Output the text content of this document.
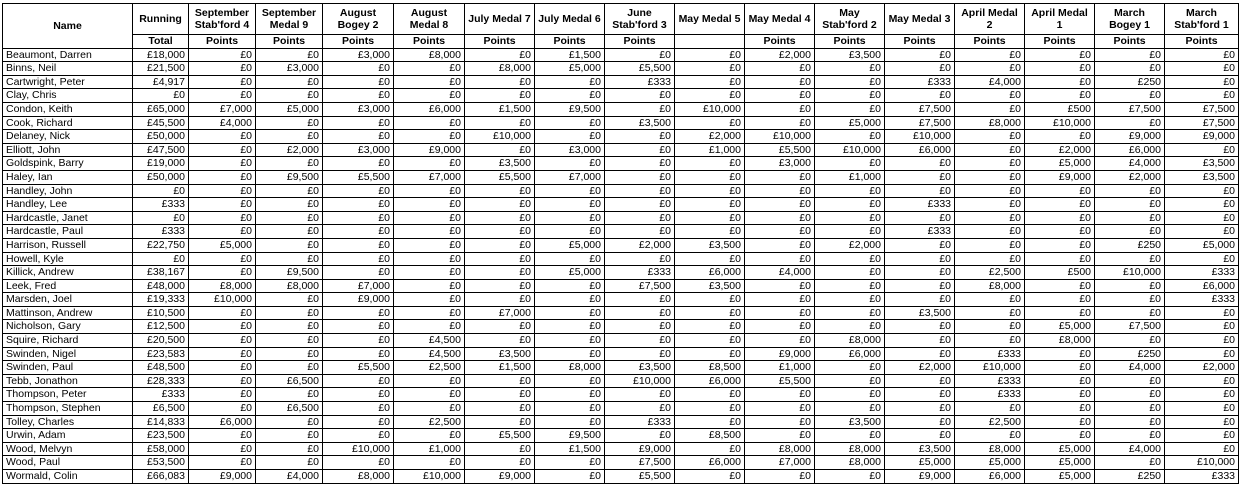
Name	Running	September Stab'ford 4	September Medal 9	August Bogey 2	August Medal 8	July Medal 7	July Medal 6	June Stab'ford 3	May Medal 5	May Medal 4	May Stab'ford 2	May Medal 3	April Medal 2	April Medal 1	March Bogey 1	March Stab'ford 1
	Total	Points	Points	Points	Points	Points	Points	Points		Points	Points	Points	Points	Points	Points	Points
Beaumont, Darren	£18,000	£0	£0	£3,000	£8,000	£0	£1,500	£0	£0	£2,000	£3,500	£0	£0	£0	£0	£0
Binns, Neil	£21,500	£0	£3,000	£0	£0	£8,000	£5,000	£5,500	£0	£0	£0	£0	£0	£0	£0	£0
Cartwright, Peter	£4,917	£0	£0	£0	£0	£0	£0	£333	£0	£0	£0	£333	£4,000	£0	£250	£0
Clay, Chris	£0	£0	£0	£0	£0	£0	£0	£0	£0	£0	£0	£0	£0	£0	£0	£0
Condon, Keith	£65,000	£7,000	£5,000	£3,000	£6,000	£1,500	£9,500	£0	£10,000	£0	£0	£7,500	£0	£500	£7,500	£7,500
Cook, Richard	£45,500	£4,000	£0	£0	£0	£0	£0	£3,500	£0	£0	£5,000	£7,500	£8,000	£10,000	£0	£7,500
Delaney, Nick	£50,000	£0	£0	£0	£0	£10,000	£0	£0	£2,000	£10,000	£0	£10,000	£0	£0	£9,000	£9,000
Elliott, John	£47,500	£0	£2,000	£3,000	£9,000	£0	£3,000	£0	£1,000	£5,500	£10,000	£6,000	£0	£2,000	£6,000	£0
Goldspink, Barry	£19,000	£0	£0	£0	£0	£3,500	£0	£0	£0	£3,000	£0	£0	£0	£5,000	£4,000	£3,500
Haley, Ian	£50,000	£0	£9,500	£5,500	£7,000	£5,500	£7,000	£0	£0	£0	£1,000	£0	£0	£9,000	£2,000	£3,500
Handley, John	£0	£0	£0	£0	£0	£0	£0	£0	£0	£0	£0	£0	£0	£0	£0	£0
Handley, Lee	£333	£0	£0	£0	£0	£0	£0	£0	£0	£0	£0	£333	£0	£0	£0	£0
Hardcastle, Janet	£0	£0	£0	£0	£0	£0	£0	£0	£0	£0	£0	£0	£0	£0	£0	£0
Hardcastle, Paul	£333	£0	£0	£0	£0	£0	£0	£0	£0	£0	£0	£333	£0	£0	£0	£0
Harrison, Russell	£22,750	£5,000	£0	£0	£0	£0	£5,000	£2,000	£3,500	£0	£2,000	£0	£0	£0	£250	£5,000
Howell, Kyle	£0	£0	£0	£0	£0	£0	£0	£0	£0	£0	£0	£0	£0	£0	£0	£0
Killick, Andrew	£38,167	£0	£9,500	£0	£0	£0	£5,000	£333	£6,000	£4,000	£0	£0	£2,500	£500	£10,000	£333
Leek, Fred	£48,000	£8,000	£8,000	£7,000	£0	£0	£0	£7,500	£3,500	£0	£0	£0	£8,000	£0	£0	£6,000
Marsden, Joel	£19,333	£10,000	£0	£9,000	£0	£0	£0	£0	£0	£0	£0	£0	£0	£0	£0	£333
Mattinson, Andrew	£10,500	£0	£0	£0	£0	£7,000	£0	£0	£0	£0	£0	£3,500	£0	£0	£0	£0
Nicholson, Gary	£12,500	£0	£0	£0	£0	£0	£0	£0	£0	£0	£0	£0	£0	£5,000	£7,500	£0
Squire, Richard	£20,500	£0	£0	£0	£4,500	£0	£0	£0	£0	£0	£8,000	£0	£0	£8,000	£0	£0
Swinden, Nigel	£23,583	£0	£0	£0	£4,500	£3,500	£0	£0	£0	£9,000	£6,000	£0	£333	£0	£250	£0
Swinden, Paul	£48,500	£0	£0	£5,500	£2,500	£1,500	£8,000	£3,500	£8,500	£1,000	£0	£2,000	£10,000	£0	£4,000	£2,000
Tebb, Jonathon	£28,333	£0	£6,500	£0	£0	£0	£0	£10,000	£6,000	£5,500	£0	£0	£333	£0	£0	£0
Thompson, Peter	£333	£0	£0	£0	£0	£0	£0	£0	£0	£0	£0	£0	£333	£0	£0	£0
Thompson, Stephen	£6,500	£0	£6,500	£0	£0	£0	£0	£0	£0	£0	£0	£0	£0	£0	£0	£0
Tolley, Charles	£14,833	£6,000	£0	£0	£2,500	£0	£0	£333	£0	£0	£3,500	£0	£2,500	£0	£0	£0
Urwin, Adam	£23,500	£0	£0	£0	£0	£5,500	£9,500	£0	£8,500	£0	£0	£0	£0	£0	£0	£0
Wood, Melvyn	£58,000	£0	£0	£10,000	£1,000	£0	£1,500	£9,000	£0	£8,000	£8,000	£3,500	£8,000	£5,000	£4,000	£0
Wood, Paul	£53,500	£0	£0	£0	£0	£0	£0	£7,500	£6,000	£7,000	£8,000	£5,000	£5,000	£5,000	£0	£10,000
Wormald, Colin	£66,083	£9,000	£4,000	£8,000	£10,000	£9,000	£0	£5,500	£0	£0	£0	£9,000	£6,000	£5,000	£250	£333
